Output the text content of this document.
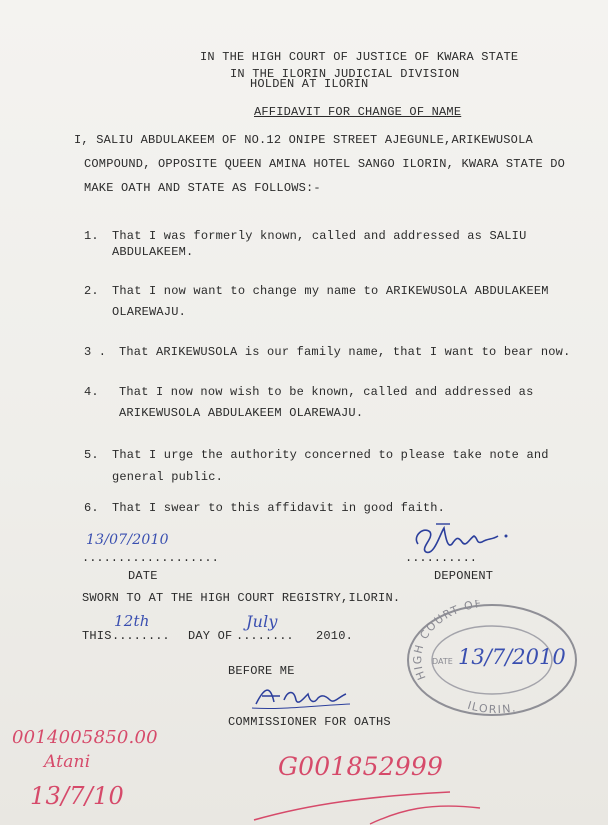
IN THE HIGH COURT OF JUSTICE OF KWARA STATE
IN THE ILORIN JUDICIAL DIVISION
HOLDEN AT ILORIN
AFFIDAVIT FOR CHANGE OF NAME
I, SALIU ABDULAKEEM OF NO.12 ONIPE STREET AJEGUNLE,ARIKEWUSOLA
COMPOUND, OPPOSITE QUEEN AMINA HOTEL SANGO ILORIN, KWARA STATE DO
MAKE OATH AND STATE AS FOLLOWS:-
1. That I was formerly known, called and addressed as SALIU
ABDULAKEEM.
2. That I now want to change my name to ARIKEWUSOLA ABDULAKEEM
OLAREWAJU.
3 . That ARIKEWUSOLA is our family name, that I want to bear now.
4. That I now now wish to be known, called and addressed as
ARIKEWUSOLA ABDULAKEEM OLAREWAJU.
5. That I urge the authority concerned to please take note and
general public.
6. That I swear to this affidavit in good faith.
13/07/2010
...................	..........
DATE	DEPONENT
SWORN TO AT THE HIGH COURT REGISTRY,ILORIN.
THIS ........ DAY OF ........ 2010.
12th	July
BEFORE ME
COMMISSIONER FOR OATHS
HIGH COURT OF
ILORIN.
DATE 13/7/2010
0014005850.00
Atani
13/7/10
G001852999
